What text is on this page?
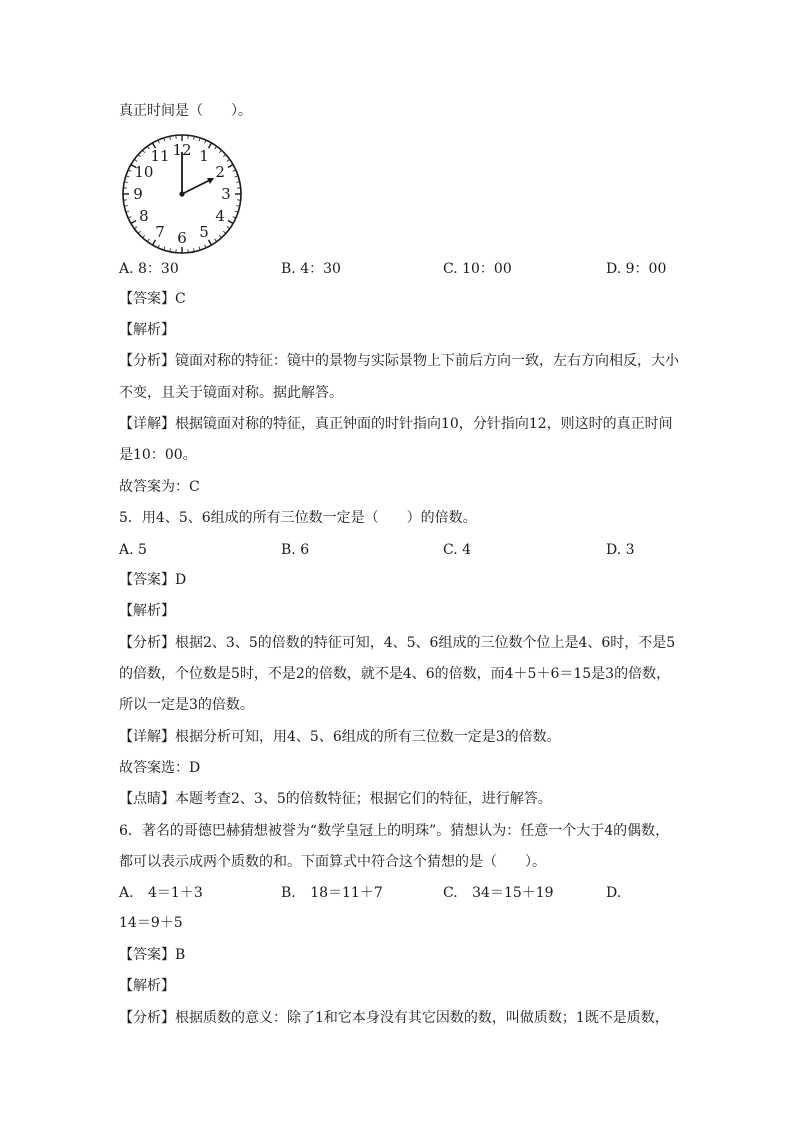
真正时间是（　　）。
12 1
2
3
4
5
6
7
8
9
10
11
A. 8：30	B. 4：30	C. 10：00	D. 9：00
【答案】C
【解析】
【分析】镜面对称的特征：镜中的景物与实际景物上下前后方向一致，左右方向相反，大小
不变，且关于镜面对称。据此解答。
【详解】根据镜面对称的特征，真正钟面的时针指向10，分针指向12，则这时的真正时间
是10：00。
故答案为：C
5．用4、5、6组成的所有三位数一定是（　　）的倍数。
A. 5	B. 6	C. 4	D. 3
【答案】D
【解析】
【分析】根据2、3、5的倍数的特征可知，4、5、6组成的三位数个位上是4、6时，不是5
的倍数，个位数是5时，不是2的倍数，就不是4、6的倍数，而4＋5＋6＝15是3的倍数，
所以一定是3的倍数。
【详解】根据分析可知，用4、5、6组成的所有三位数一定是3的倍数。
故答案选：D
【点睛】本题考查2、3、5的倍数特征；根据它们的特征，进行解答。
6．著名的哥德巴赫猜想被誉为“数学皇冠上的明珠”。猜想认为：任意一个大于4的偶数，
都可以表示成两个质数的和。下面算式中符合这个猜想的是（　　）。
A. 4＝1＋3	B. 18＝11＋7	C. 34＝15＋19	D.
14＝9＋5
【答案】B
【解析】
【分析】根据质数的意义：除了1和它本身没有其它因数的数，叫做质数；1既不是质数，
